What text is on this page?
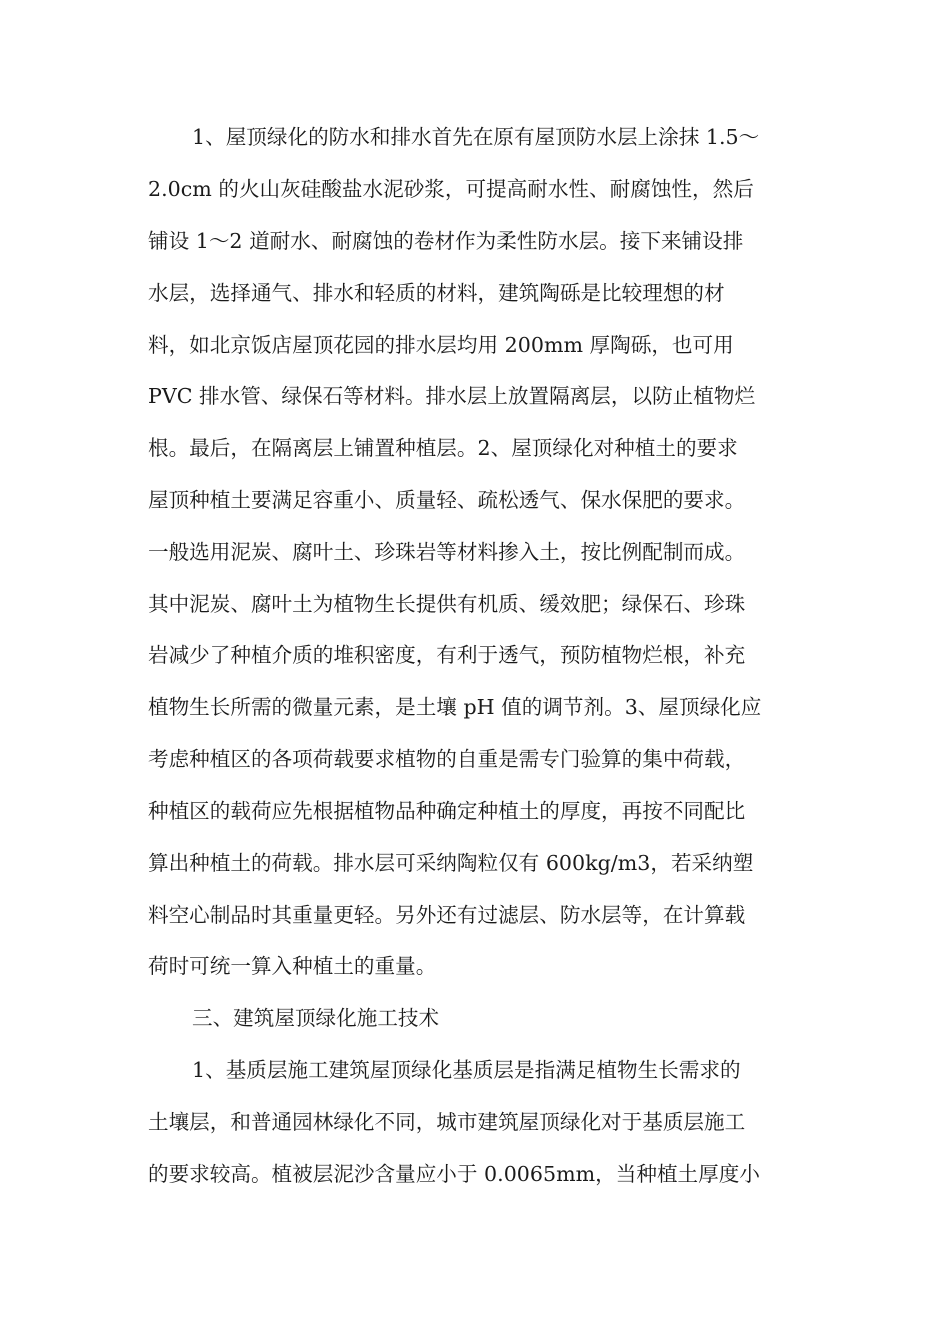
1、屋顶绿化的防水和排水首先在原有屋顶防水层上涂抹 1.5～
2.0cm 的火山灰硅酸盐水泥砂浆，可提高耐水性、耐腐蚀性，然后
铺设 1～2 道耐水、耐腐蚀的卷材作为柔性防水层。接下来铺设排
水层，选择通气、排水和轻质的材料，建筑陶砾是比较理想的材
料，如北京饭店屋顶花园的排水层均用 200mm 厚陶砾，也可用
PVC 排水管、绿保石等材料。排水层上放置隔离层，以防止植物烂
根。最后，在隔离层上铺置种植层。2、屋顶绿化对种植土的要求
屋顶种植土要满足容重小、质量轻、疏松透气、保水保肥的要求。
一般选用泥炭、腐叶土、珍珠岩等材料掺入土，按比例配制而成。
其中泥炭、腐叶土为植物生长提供有机质、缓效肥；绿保石、珍珠
岩减少了种植介质的堆积密度，有利于透气，预防植物烂根，补充
植物生长所需的微量元素，是土壤 pH 值的调节剂。3、屋顶绿化应
考虑种植区的各项荷载要求植物的自重是需专门验算的集中荷载，
种植区的载荷应先根据植物品种确定种植土的厚度，再按不同配比
算出种植土的荷载。排水层可采纳陶粒仅有 600kg/m3，若采纳塑
料空心制品时其重量更轻。另外还有过滤层、防水层等，在计算载
荷时可统一算入种植土的重量。
三、建筑屋顶绿化施工技术
1、基质层施工建筑屋顶绿化基质层是指满足植物生长需求的
土壤层，和普通园林绿化不同，城市建筑屋顶绿化对于基质层施工
的要求较高。植被层泥沙含量应小于 0.0065mm，当种植土厚度小
